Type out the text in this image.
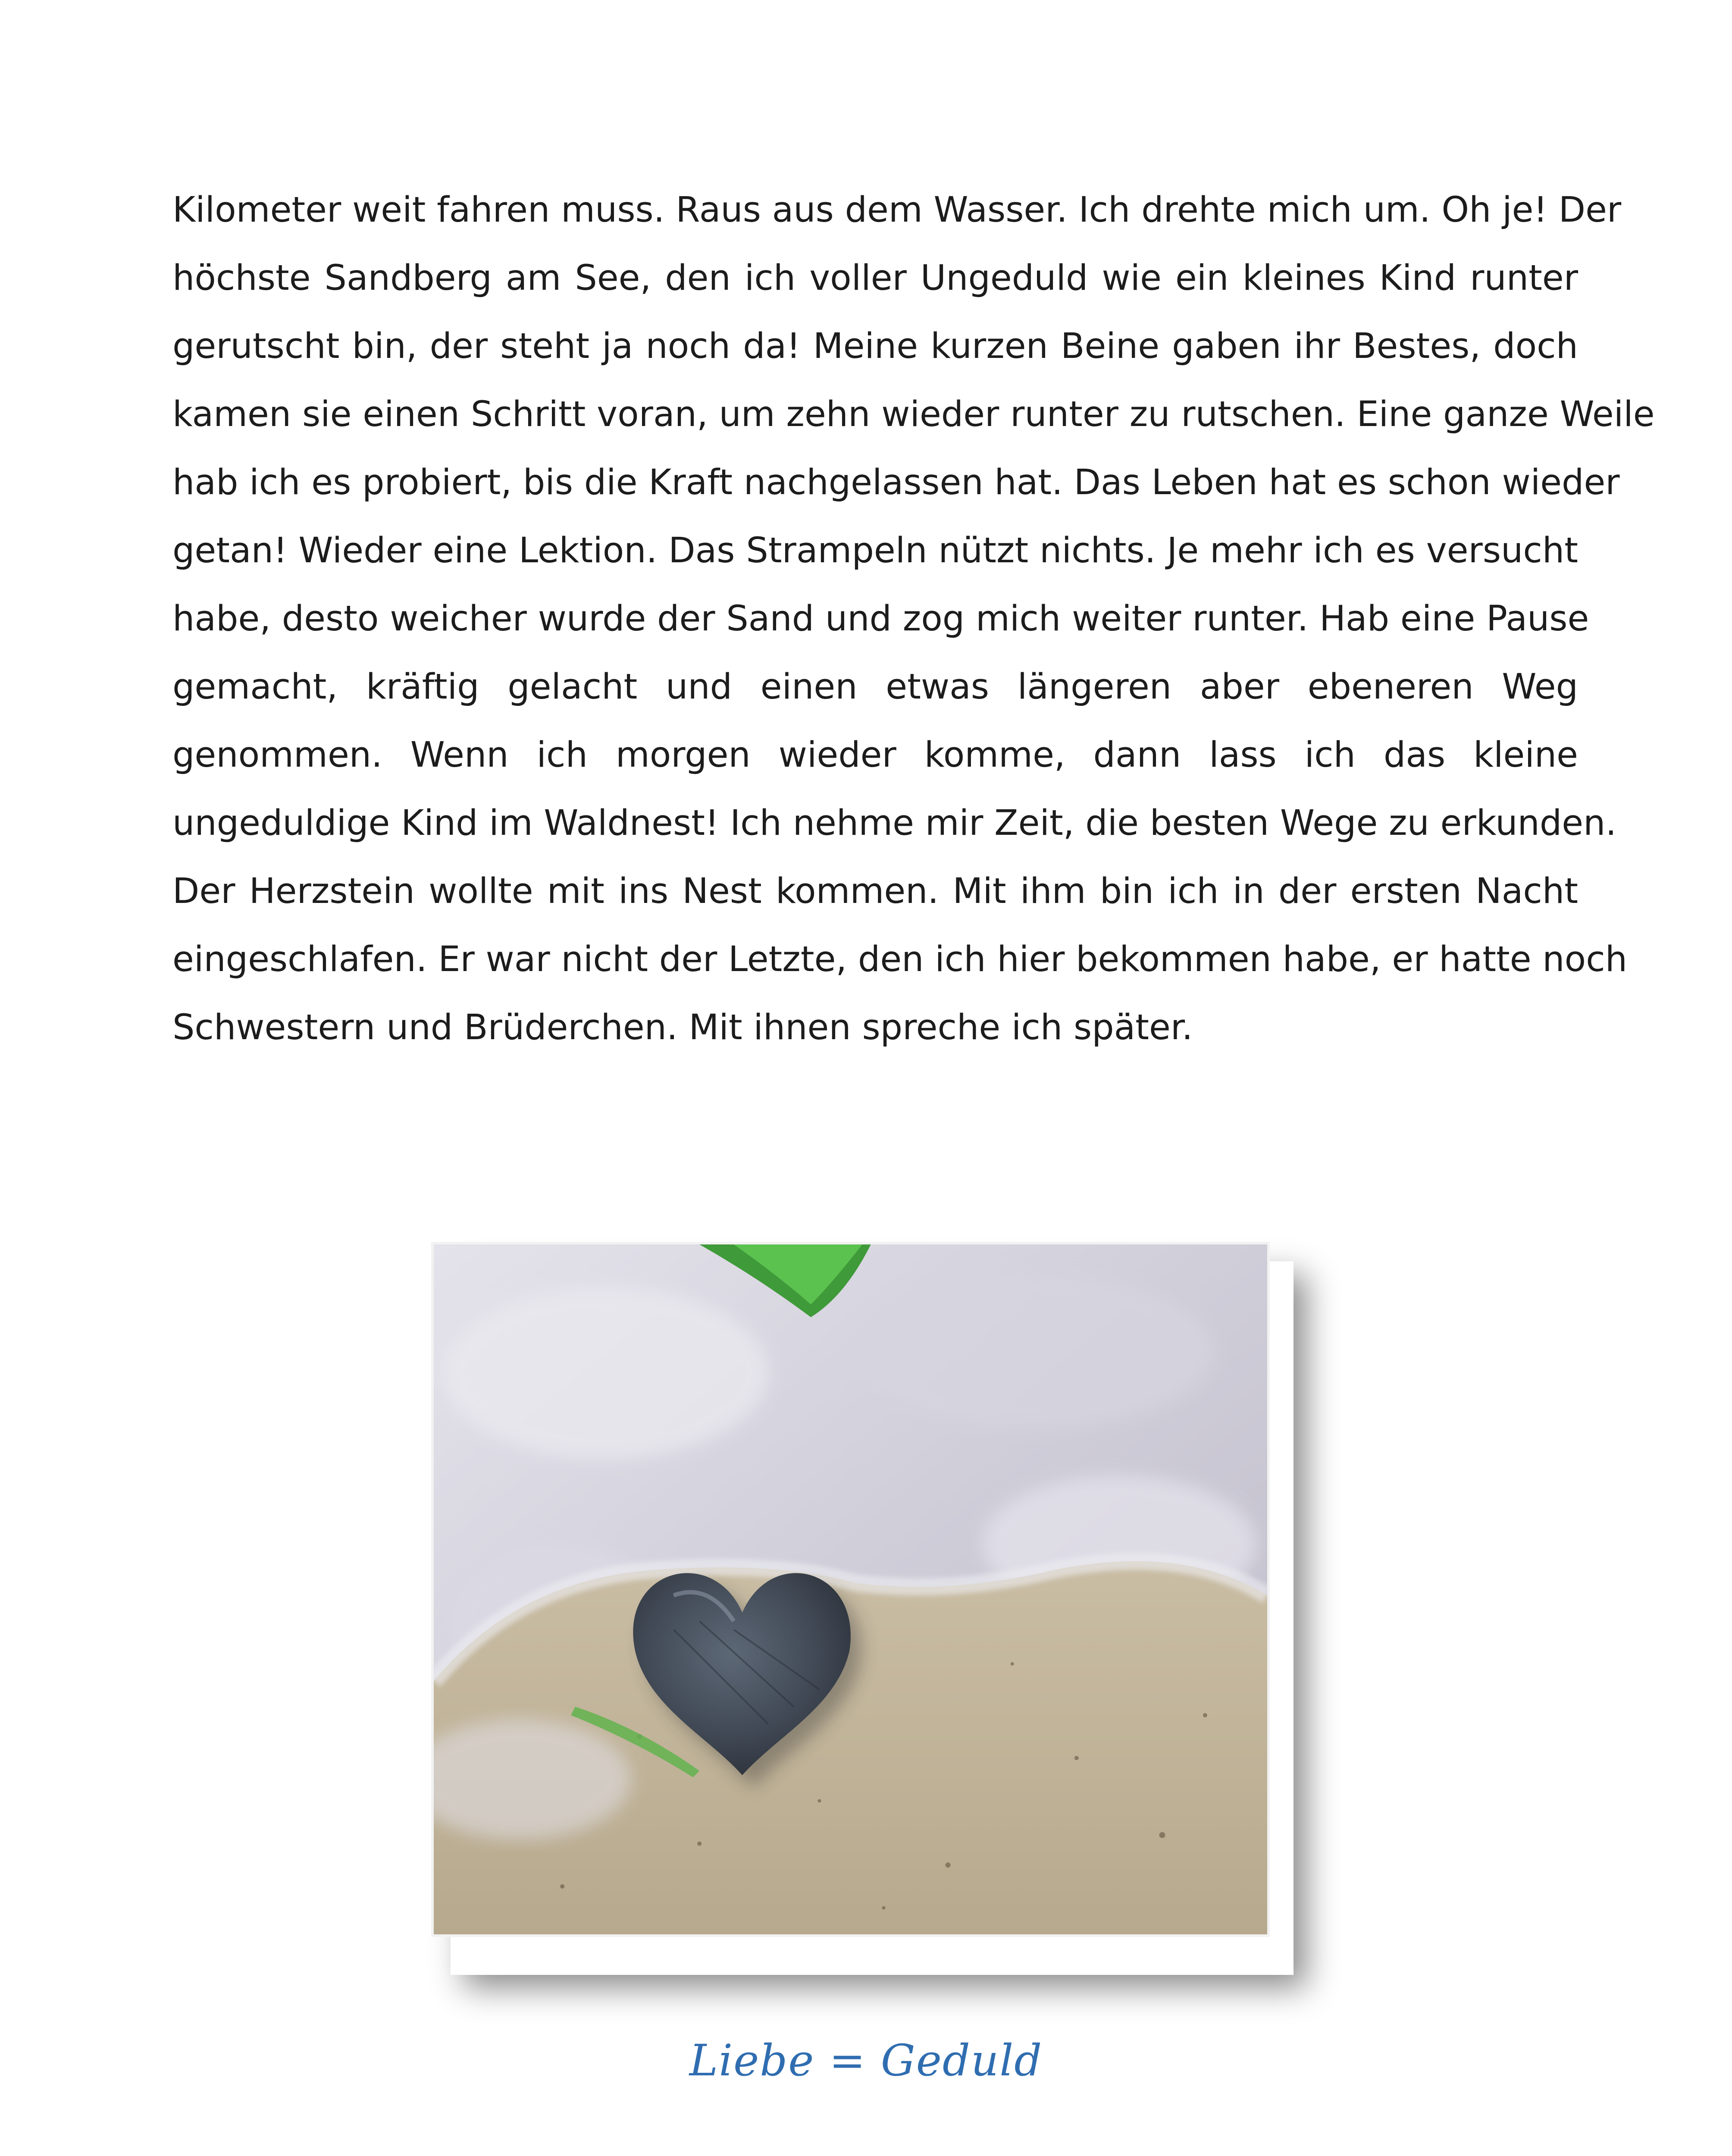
Kilometer weit fahren muss. Raus aus dem Wasser. Ich drehte mich um. Oh je! Der
höchste Sandberg am See, den ich voller Ungeduld wie ein kleines Kind runter
gerutscht bin, der steht ja noch da! Meine kurzen Beine gaben ihr Bestes, doch
kamen sie einen Schritt voran, um zehn wieder runter zu rutschen. Eine ganze Weile
hab ich es probiert, bis die Kraft nachgelassen hat. Das Leben hat es schon wieder
getan! Wieder eine Lektion. Das Strampeln nützt nichts. Je mehr ich es versucht
habe, desto weicher wurde der Sand und zog mich weiter runter. Hab eine Pause
gemacht, kräftig gelacht und einen etwas längeren aber ebeneren Weg
genommen. Wenn ich morgen wieder komme, dann lass ich das kleine
ungeduldige Kind im Waldnest! Ich nehme mir Zeit, die besten Wege zu erkunden.
Der Herzstein wollte mit ins Nest kommen. Mit ihm bin ich in der ersten Nacht
eingeschlafen. Er war nicht der Letzte, den ich hier bekommen habe, er hatte noch
Schwestern und Brüderchen. Mit ihnen spreche ich später.
Liebe = Geduld
